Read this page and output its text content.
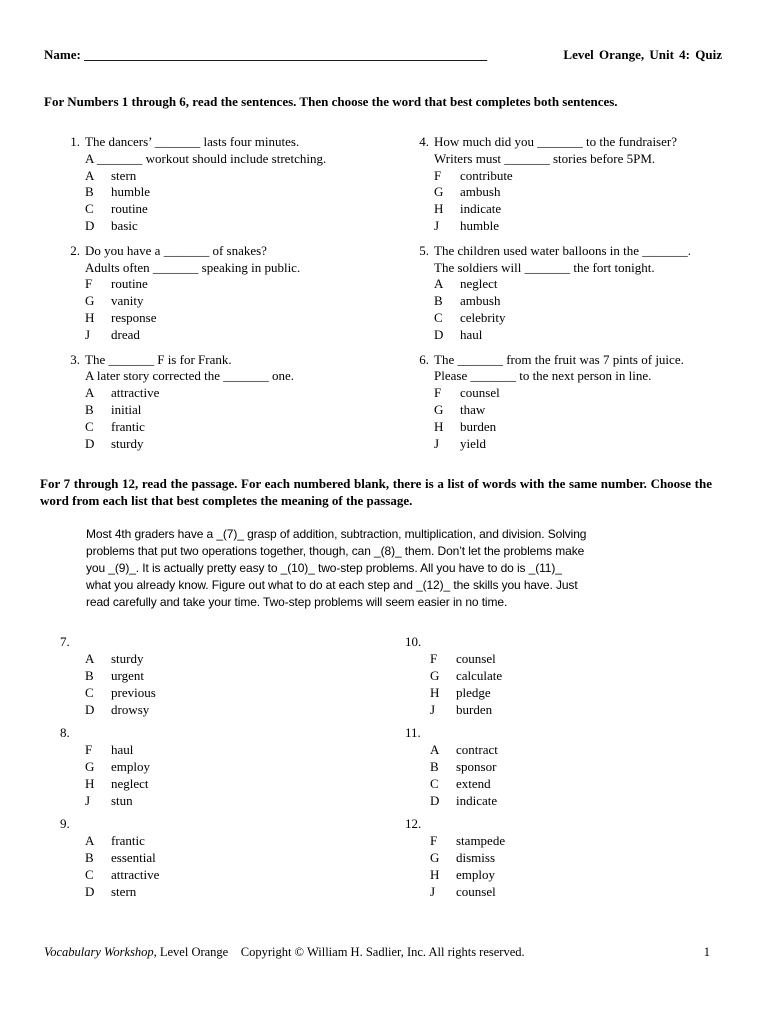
Name: ______________________________________________________________	Level Orange, Unit 4: Quiz
For Numbers 1 through 6, read the sentences. Then choose the word that best completes both sentences.
1. The dancers’ _______ lasts four minutes.
A _______ workout should include stretching.
A	stern
B	humble
C	routine
D	basic
2. Do you have a _______ of snakes?
Adults often _______ speaking in public.
F	routine
G	vanity
H	response
J	dread
3. The _______ F is for Frank.
A later story corrected the _______ one.
A	attractive
B	initial
C	frantic
D	sturdy
4. How much did you _______ to the fundraiser?
Writers must _______ stories before 5PM.
F	contribute
G	ambush
H	indicate
J	humble
5. The children used water balloons in the _______.
The soldiers will _______ the fort tonight.
A	neglect
B	ambush
C	celebrity
D	haul
6. The _______ from the fruit was 7 pints of juice.
Please _______ to the next person in line.
F	counsel
G	thaw
H	burden
J	yield
For 7 through 12, read the passage. For each numbered blank, there is a list of words with the same number. Choose the word from each list that best completes the meaning of the passage.
Most 4th graders have a _(7)_ grasp of addition, subtraction, multiplication, and division. Solving
problems that put two operations together, though, can _(8)_ them. Don’t let the problems make
you _(9)_. It is actually pretty easy to _(10)_ two-step problems. All you have to do is _(11)_
what you already know. Figure out what to do at each step and _(12)_ the skills you have. Just
read carefully and take your time. Two-step problems will seem easier in no time.
7.
A	sturdy
B	urgent
C	previous
D	drowsy
8.
F	haul
G	employ
H	neglect
J	stun
9.
A	frantic
B	essential
C	attractive
D	stern
10.
F	counsel
G	calculate
H	pledge
J	burden
11.
A	contract
B	sponsor
C	extend
D	indicate
12.
F	stampede
G	dismiss
H	employ
J	counsel
Vocabulary Workshop, Level Orange Copyright © William H. Sadlier, Inc. All rights reserved.	1
